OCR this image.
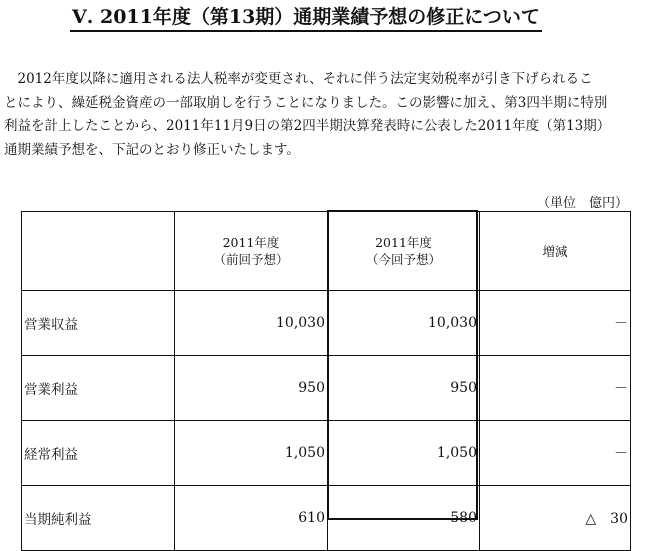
Ⅴ. 2011年度（第13期）通期業績予想の修正について
　2012年度以降に適用される法人税率が変更され、それに伴う法定実効税率が引き下げられるこ
とにより、繰延税金資産の一部取崩しを行うことになりました。この影響に加え、第3四半期に特別
利益を計上したことから、2011年11月9日の第2四半期決算発表時に公表した2011年度（第13期）
通期業績予想を、下記のとおり修正いたします。
（単位　億円）

	2011年度
（前回予想）	2011年度
（今回予想）	増減

営業収益	10,030	10,030	－
営業利益	950	950	－
経常利益	1,050	1,050	－
当期純利益	610	580	△　30
